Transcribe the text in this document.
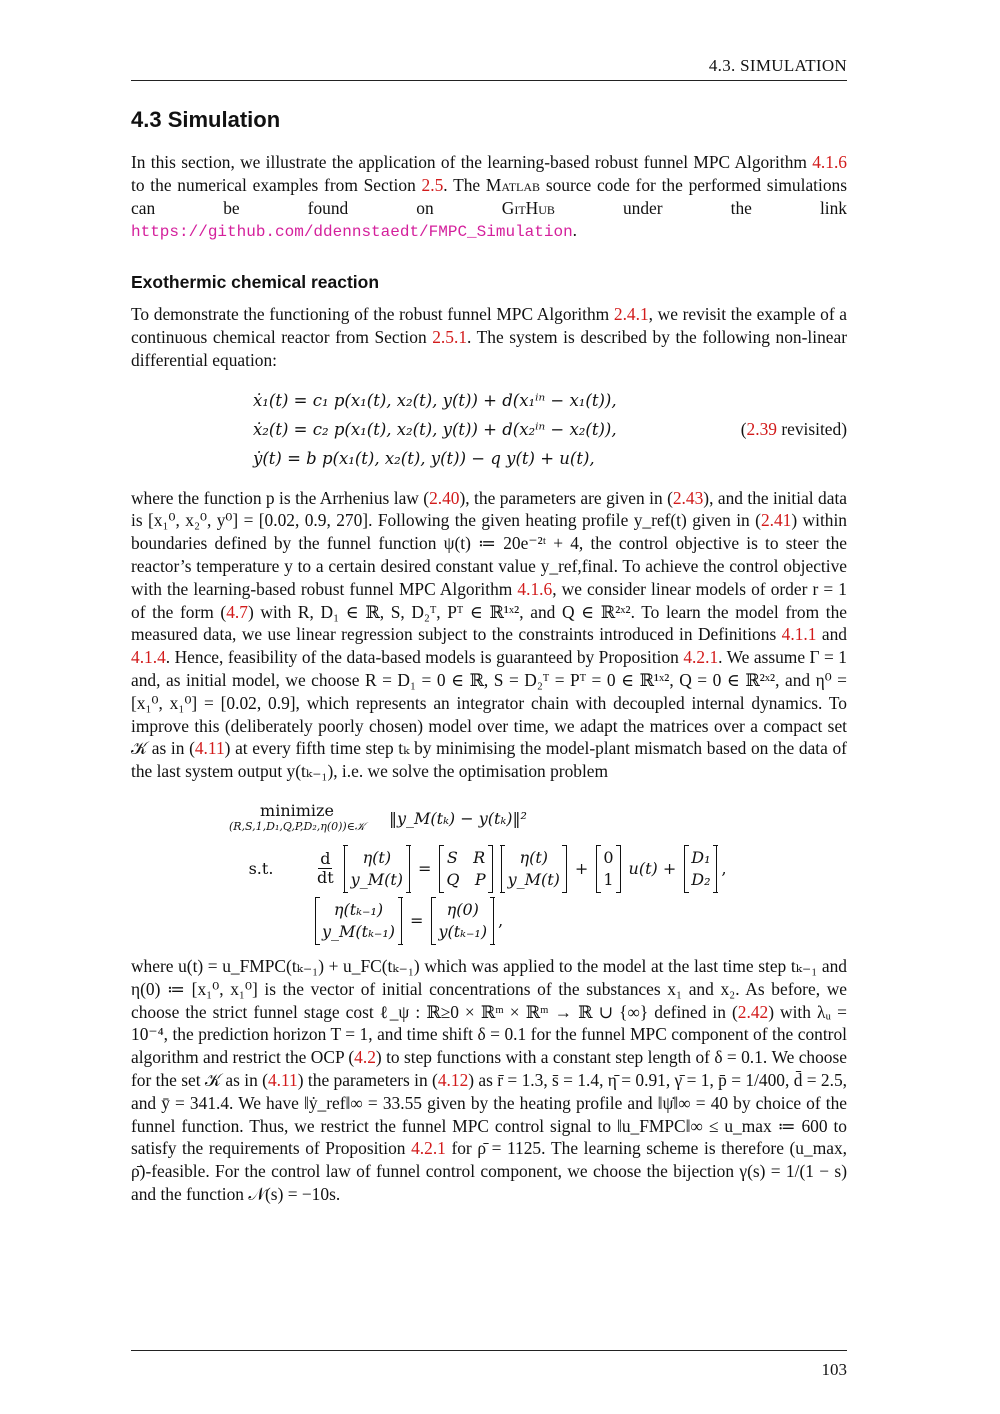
4.3. SIMULATION
4.3 Simulation

In this section, we illustrate the application of the learning-based robust funnel MPC Algorithm 4.1.6 to the numerical examples from Section 2.5. The Matlab source code for the performed simulations can be found on GitHub under the link https://github.com/ddennstaedt/FMPC_Simulation.

Exothermic chemical reaction

To demonstrate the functioning of the robust funnel MPC Algorithm 2.4.1, we revisit the example of a continuous chemical reactor from Section 2.5.1. The system is described by the following non-linear differential equation:

ẋ₁(t) = c₁ p(x₁(t), x₂(t), y(t)) + d(x₁ⁱⁿ − x₁(t)),
ẋ₂(t) = c₂ p(x₁(t), x₂(t), y(t)) + d(x₂ⁱⁿ − x₂(t)),
ẏ(t) = b p(x₁(t), x₂(t), y(t)) − q y(t) + u(t),
(2.39 revisited)

where the function p is the Arrhenius law (2.40), the parameters are given in (2.43), and the initial data is [x₁⁰, x₂⁰, y⁰] = [0.02, 0.9, 270]. Following the given heating profile y_ref(t) given in (2.41) within boundaries defined by the funnel function ψ(t) ≔ 20e⁻²ᵗ + 4, the control objective is to steer the reactor’s temperature y to a certain desired constant value y_ref,final. To achieve the control objective with the learning-based robust funnel MPC Algorithm 4.1.6, we consider linear models of order r = 1 of the form (4.7) with R, D₁ ∈ ℝ, S, D₂ᵀ, Pᵀ ∈ ℝ¹ˣ², and Q ∈ ℝ²ˣ². To learn the model from the measured data, we use linear regression subject to the constraints introduced in Definitions 4.1.1 and 4.1.4. Hence, feasibility of the data-based models is guaranteed by Proposition 4.2.1. We assume Γ = 1 and, as initial model, we choose R = D₁ = 0 ∈ ℝ, S = D₂ᵀ = Pᵀ = 0 ∈ ℝ¹ˣ², Q = 0 ∈ ℝ²ˣ², and η⁰ = [x₁⁰, x₁⁰] = [0.02, 0.9], which represents an integrator chain with decoupled internal dynamics. To improve this (deliberately poorly chosen) model over time, we adapt the matrices over a compact set 𝒦 as in (4.11) at every fifth time step tₖ by minimising the model-plant mismatch based on the data of the last system output y(tₖ₋₁), i.e. we solve the optimisation problem

minimize
(R,S,1,D₁,Q,P,D₂,η(0))∈𝒦	‖y_M(tₖ) − y(tₖ)‖²
s.t.	$\frac{d}{dt}$	η(t)
y_M(t)
=
S R
Q P
η(t)
y_M(t)
+
0
1
u(t) +
D₁
D₂
,
η(tₖ₋₁)
y_M(tₖ₋₁)
=
η(0)
y(tₖ₋₁)
,

where u(t) = u_FMPC(tₖ₋₁) + u_FC(tₖ₋₁) which was applied to the model at the last time step tₖ₋₁ and η(0) ≔ [x₁⁰, x₁⁰] is the vector of initial concentrations of the substances x₁ and x₂. As before, we choose the strict funnel stage cost ℓ_ψ : ℝ≥0 × ℝᵐ × ℝᵐ → ℝ ∪ {∞} defined in (2.42) with λᵤ = 10⁻⁴, the prediction horizon T = 1, and time shift δ = 0.1 for the funnel MPC component of the control algorithm and restrict the OCP (4.2) to step functions with a constant step length of δ = 0.1. We choose for the set 𝒦 as in (4.11) the parameters in (4.12) as r̄ = 1.3, s̄ = 1.4, η̄ = 0.91, γ̄ = 1, p̄ = 1/400, d̄ = 2.5, and ȳ = 341.4. We have ‖ẏ_ref‖∞ = 33.55 given by the heating profile and ‖ψ̇‖∞ = 40 by choice of the funnel function. Thus, we restrict the funnel MPC control signal to ‖u_FMPC‖∞ ≤ u_max ≔ 600 to satisfy the requirements of Proposition 4.2.1 for ρ̄ = 1125. The learning scheme is therefore (u_max, ρ̄)-feasible. For the control law of funnel control component, we choose the bijection γ(s) = 1/(1 − s) and the function 𝒩(s) = −10s.

103
